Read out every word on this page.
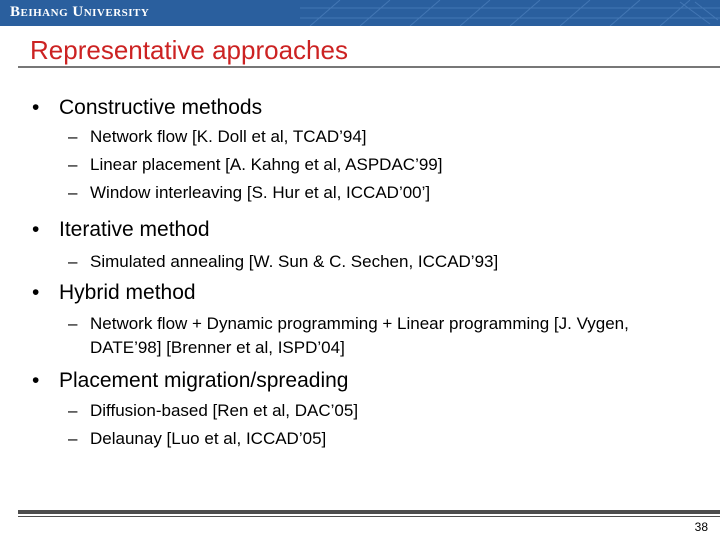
Beihang University
Representative approaches
• Constructive methods
– Network flow [K. Doll et al, TCAD’94]
– Linear placement [A. Kahng et al, ASPDAC’99]
– Window interleaving [S. Hur et al, ICCAD’00’]
• Iterative method
– Simulated annealing [W. Sun & C. Sechen, ICCAD’93]
• Hybrid method
– Network flow + Dynamic programming + Linear programming [J. Vygen, DATE’98] [Brenner et al, ISPD’04]
• Placement migration/spreading
– Diffusion-based [Ren et al, DAC’05]
– Delaunay [Luo et al, ICCAD’05]
38
